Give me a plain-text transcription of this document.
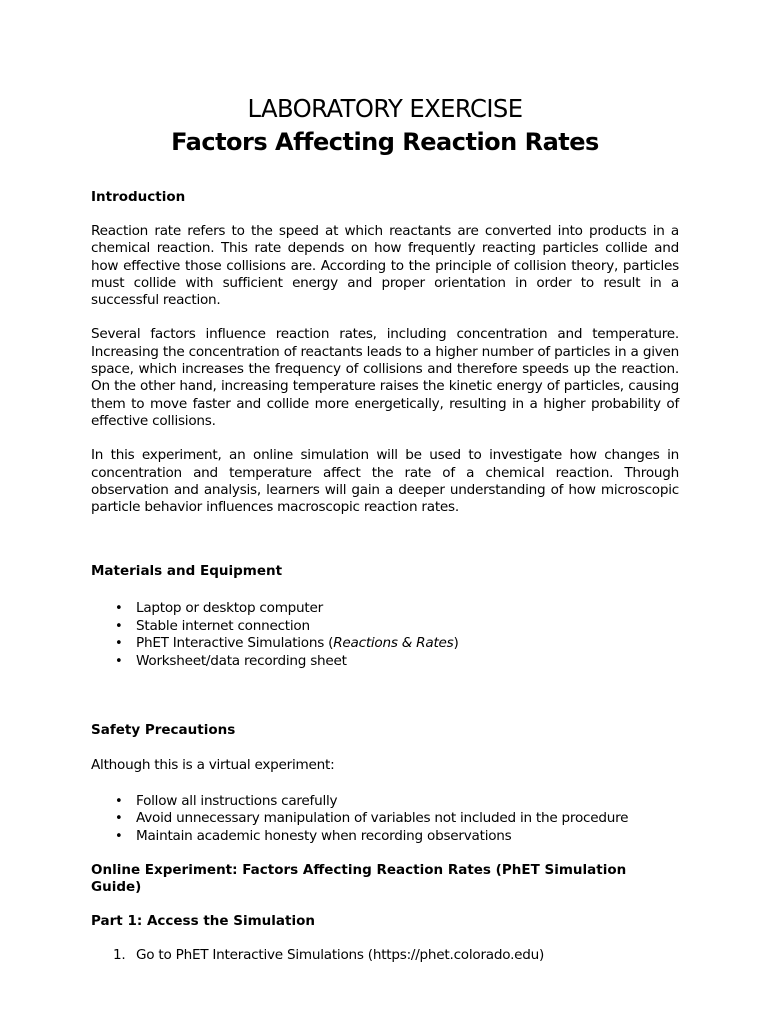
LABORATORY EXERCISE
Factors Affecting Reaction Rates
Introduction

Reaction rate refers to the speed at which reactants are converted into products in a chemical reaction. This rate depends on how frequently reacting particles collide and how effective those collisions are. According to the principle of collision theory, particles must collide with sufficient energy and proper orientation in order to result in a successful reaction.

Several factors influence reaction rates, including concentration and temperature. Increasing the concentration of reactants leads to a higher number of particles in a given space, which increases the frequency of collisions and therefore speeds up the reaction. On the other hand, increasing temperature raises the kinetic energy of particles, causing them to move faster and collide more energetically, resulting in a higher probability of effective collisions.

In this experiment, an online simulation will be used to investigate how changes in concentration and temperature affect the rate of a chemical reaction. Through observation and analysis, learners will gain a deeper understanding of how microscopic particle behavior influences macroscopic reaction rates.

Materials and Equipment
• Laptop or desktop computer
• Stable internet connection
• PhET Interactive Simulations (Reactions & Rates)
• Worksheet/data recording sheet
Safety Precautions

Although this is a virtual experiment:

• Follow all instructions carefully
• Avoid unnecessary manipulation of variables not included in the procedure
• Maintain academic honesty when recording observations
Online Experiment: Factors Affecting Reaction Rates (PhET Simulation Guide)
Part 1: Access the Simulation
1. Go to PhET Interactive Simulations (https://phet.colorado.edu)
